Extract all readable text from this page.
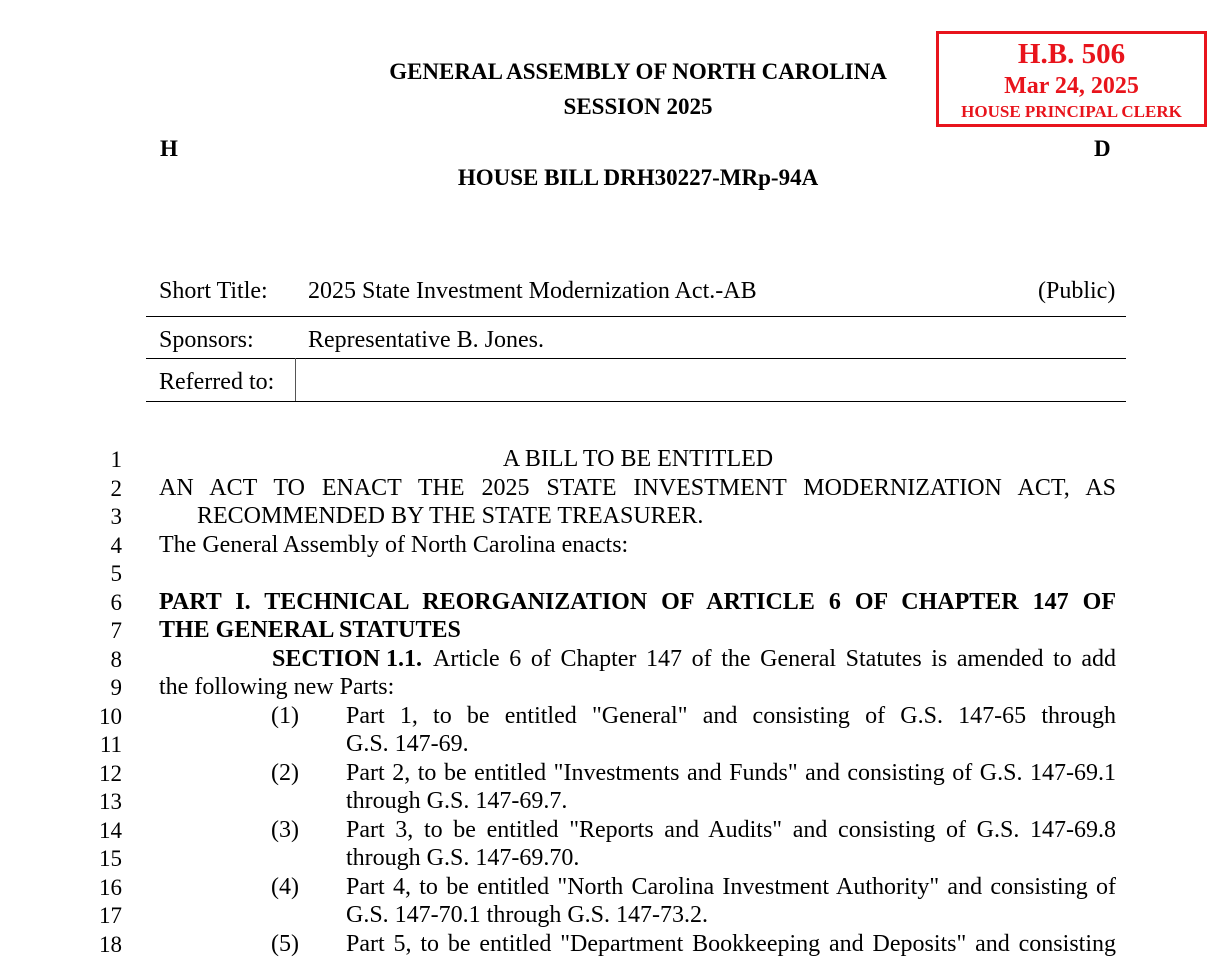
H.B. 506
Mar 24, 2025
HOUSE PRINCIPAL CLERK
GENERAL ASSEMBLY OF NORTH CAROLINA
SESSION 2025
H	D
HOUSE BILL DRH30227-MRp-94A
Short Title: 2025 State Investment Modernization Act.-AB	(Public)
Sponsors: Representative B. Jones.
Referred to:
1
2
3
4
5
6
7
8
9
10
11
12
13
14
15
16
17
18
A BILL TO BE ENTITLED
AN ACT TO ENACT THE 2025 STATE INVESTMENT MODERNIZATION ACT, AS
RECOMMENDED BY THE STATE TREASURER.
The General Assembly of North Carolina enacts:
PART I. TECHNICAL REORGANIZATION OF ARTICLE 6 OF CHAPTER 147 OF
THE GENERAL STATUTES
SECTION 1.1. Article 6 of Chapter 147 of the General Statutes is amended to add
the following new Parts:
(1) Part 1, to be entitled "General" and consisting of G.S. 147-65 through
G.S. 147-69.
(2) Part 2, to be entitled "Investments and Funds" and consisting of G.S. 147-69.1
through G.S. 147-69.7.
(3) Part 3, to be entitled "Reports and Audits" and consisting of G.S. 147-69.8
through G.S. 147-69.70.
(4) Part 4, to be entitled "North Carolina Investment Authority" and consisting of
G.S. 147-70.1 through G.S. 147-73.2.
(5) Part 5, to be entitled "Department Bookkeeping and Deposits" and consisting
